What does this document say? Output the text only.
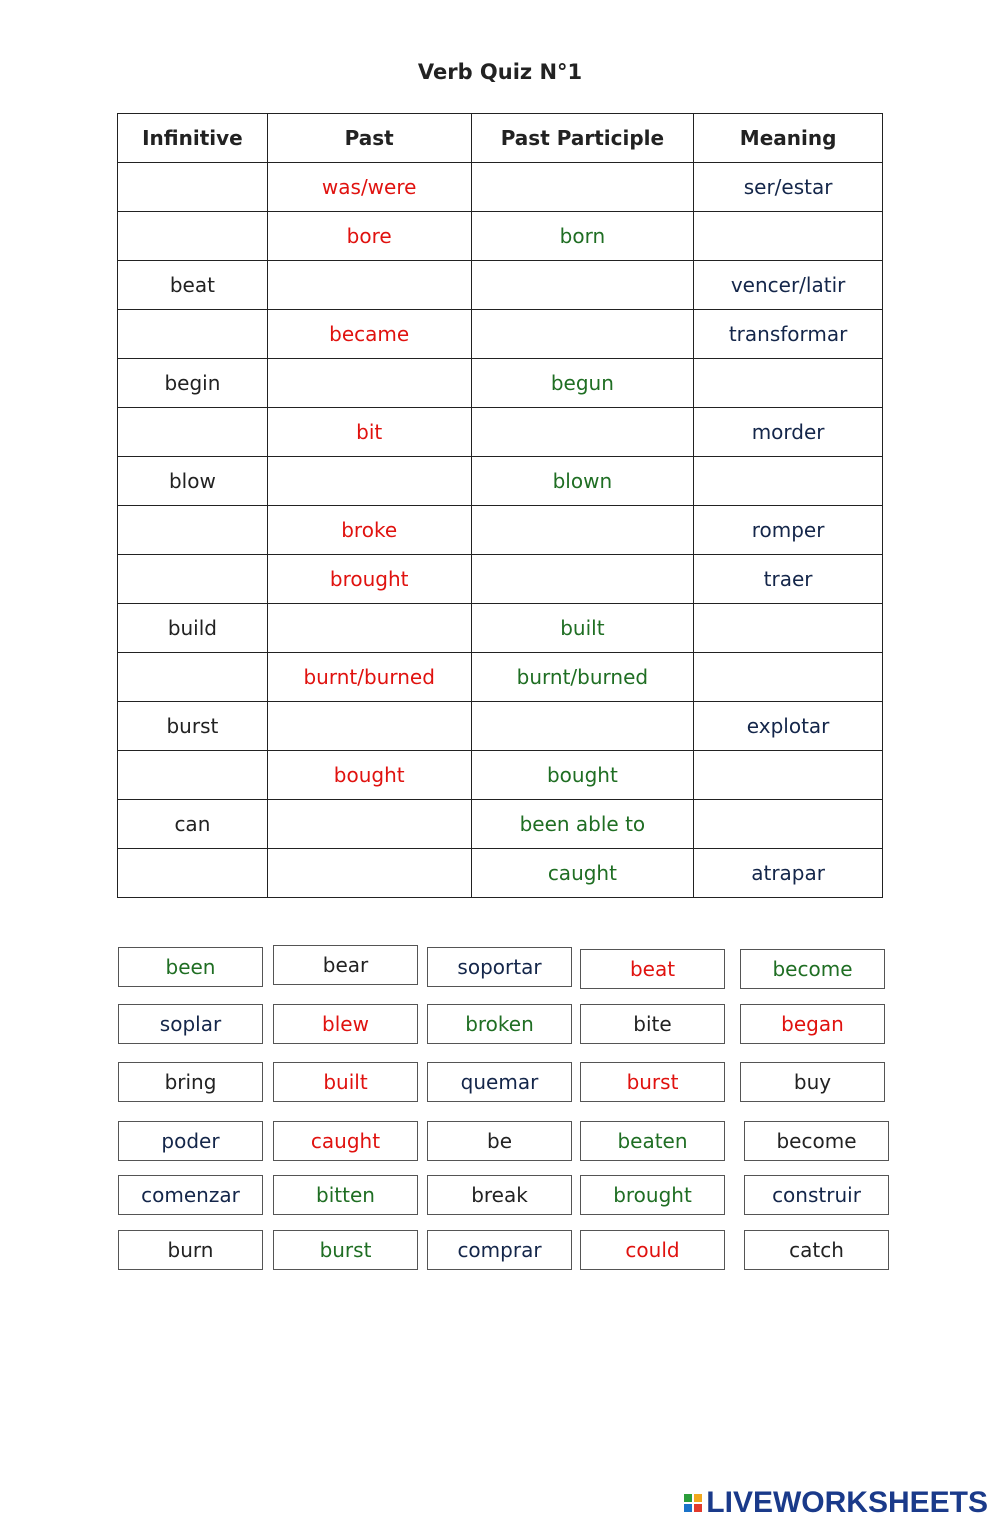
Verb Quiz N°1
Infinitive	Past	Past Participle	Meaning
	was/were		ser/estar
	bore	born	
beat			vencer/latir
	became		transformar
begin		begun	
	bit		morder
blow		blown	
	broke		romper
	brought		traer
build		built	
	burnt/burned	burnt/burned	
burst			explotar
	bought	bought	
can		been able to	
		caught	atrapar
been	bear	soportar	beat	become
soplar	blew	broken	bite	began
bring	built	quemar	burst	buy
poder	caught	be	beaten	become
comenzar	bitten	break	brought	construir
burn	burst	comprar	could	catch
LIVEWORKSHEETS
